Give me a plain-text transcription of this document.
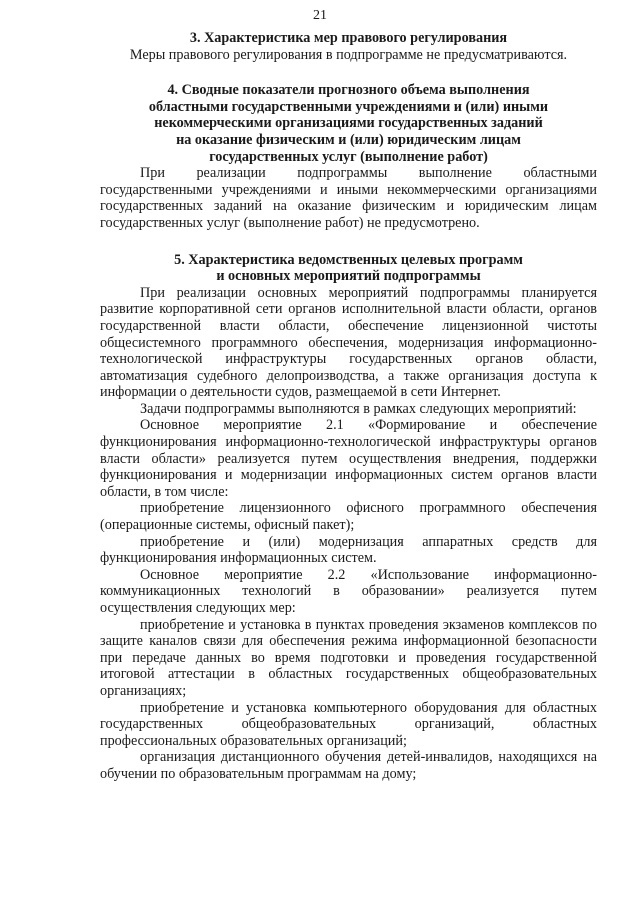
21
3. Характеристика мер правового регулирования

Меры правового регулирования в подпрограмме не предусматриваются.

4. Сводные показатели прогнозного объема выполнения
областными государственными учреждениями и (или) иными
некоммерческими организациями государственных заданий
на оказание физическим и (или) юридическим лицам
государственных услуг (выполнение работ)

При реализации подпрограммы выполнение областными государственными учреждениями и иными некоммерческими организациями государственных заданий на оказание физическим и юридическим лицам государственных услуг (выполнение работ) не предусмотрено.

5. Характеристика ведомственных целевых программ
и основных мероприятий подпрограммы

При реализации основных мероприятий подпрограммы планируется развитие корпоративной сети органов исполнительной власти области, органов государственной власти области, обеспечение лицензионной чистоты общесистемного программного обеспечения, модернизация информационно-технологической инфраструктуры государственных органов области, автоматизация судебного делопроизводства, а также организация доступа к информации о деятельности судов, размещаемой в сети Интернет.

Задачи подпрограммы выполняются в рамках следующих мероприятий:

Основное мероприятие 2.1 «Формирование и обеспечение функционирования информационно-технологической инфраструктуры органов власти области» реализуется путем осуществления внедрения, поддержки функционирования и модернизации информационных систем органов власти области, в том числе:

приобретение лицензионного офисного программного обеспечения (операционные системы, офисный пакет);

приобретение и (или) модернизация аппаратных средств для функционирования информационных систем.

Основное мероприятие 2.2 «Использование информационно-коммуникационных технологий в образовании» реализуется путем осуществления следующих мер:

приобретение и установка в пунктах проведения экзаменов комплексов по защите каналов связи для обеспечения режима информационной безопасности при передаче данных во время подготовки и проведения государственной итоговой аттестации в областных государственных общеобразовательных организациях;

приобретение и установка компьютерного оборудования для областных государственных общеобразовательных организаций, областных профессиональных образовательных организаций;

организация дистанционного обучения детей-инвалидов, находящихся на обучении по образовательным программам на дому;
